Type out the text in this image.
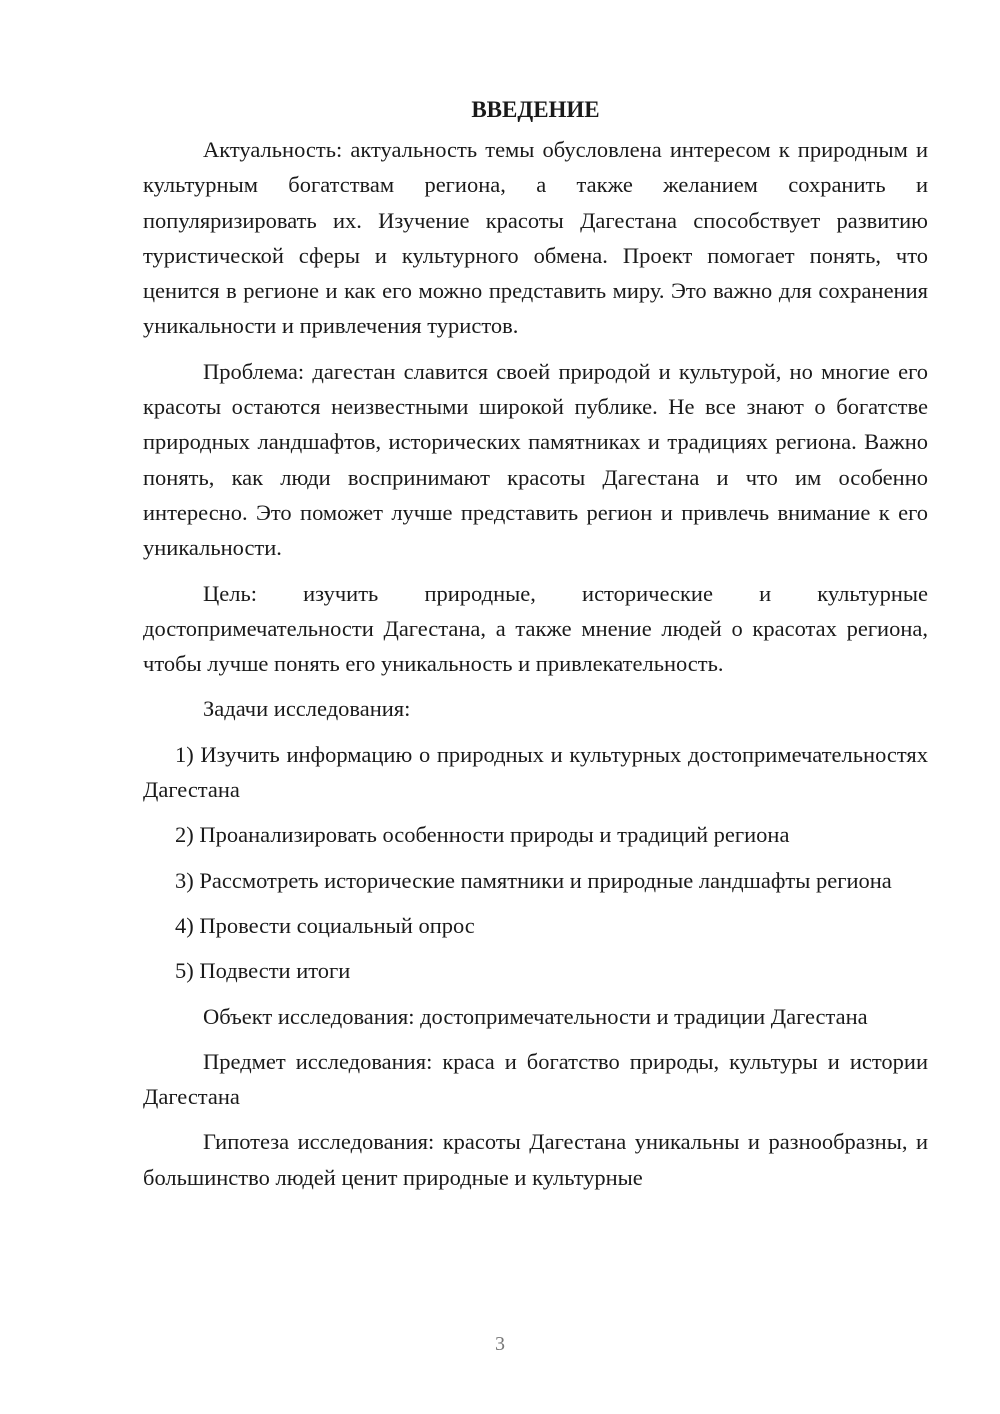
ВВЕДЕНИЕ

Актуальность: актуальность темы обусловлена интересом к природным и культурным богатствам региона, а также желанием сохранить и популяризировать их. Изучение красоты Дагестана способствует развитию туристической сферы и культурного обмена. Проект помогает понять, что ценится в регионе и как его можно представить миру. Это важно для сохранения уникальности и привлечения туристов.

Проблема: дагестан славится своей природой и культурой, но многие его красоты остаются неизвестными широкой публике. Не все знают о богатстве природных ландшафтов, исторических памятниках и традициях региона. Важно понять, как люди воспринимают красоты Дагестана и что им особенно интересно. Это поможет лучше представить регион и привлечь внимание к его уникальности.

Цель: изучить природные, исторические и культурные достопримечательности Дагестана, а также мнение людей о красотах региона, чтобы лучше понять его уникальность и привлекательность.

Задачи исследования:

1) Изучить информацию о природных и культурных достопримечательностях Дагестана

2) Проанализировать особенности природы и традиций региона

3) Рассмотреть исторические памятники и природные ландшафты региона

4) Провести социальный опрос

5) Подвести итоги

Объект исследования: достопримечательности и традиции Дагестана

Предмет исследования: краса и богатство природы, культуры и истории Дагестана

Гипотеза исследования: красоты Дагестана уникальны и разнообразны, и большинство людей ценит природные и культурные

3
